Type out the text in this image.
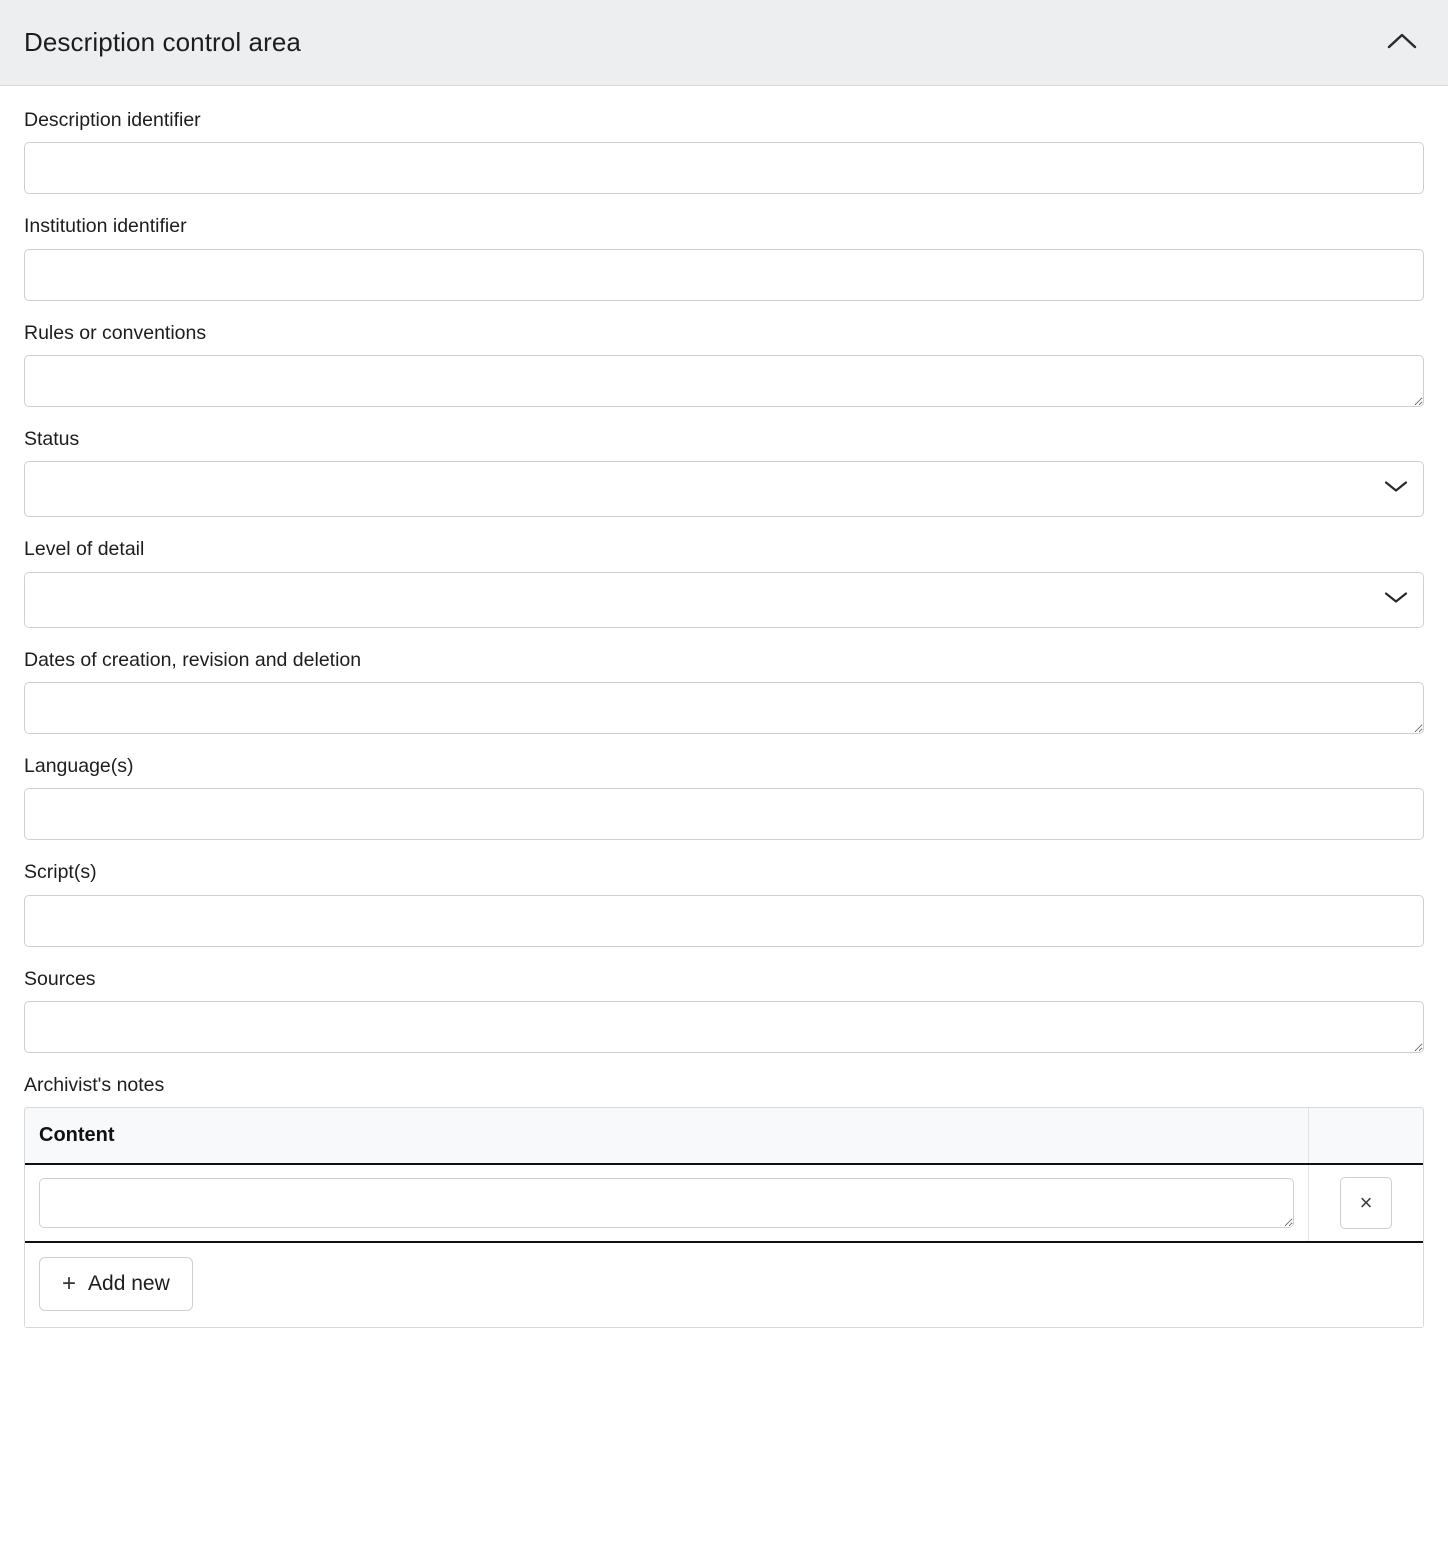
Description control area
Description identifier
Institution identifier
Rules or conventions
Status
Level of detail
Dates of creation, revision and deletion
Language(s)
Script(s)
Sources
Archivist's notes
Content	

	×
+ Add new
